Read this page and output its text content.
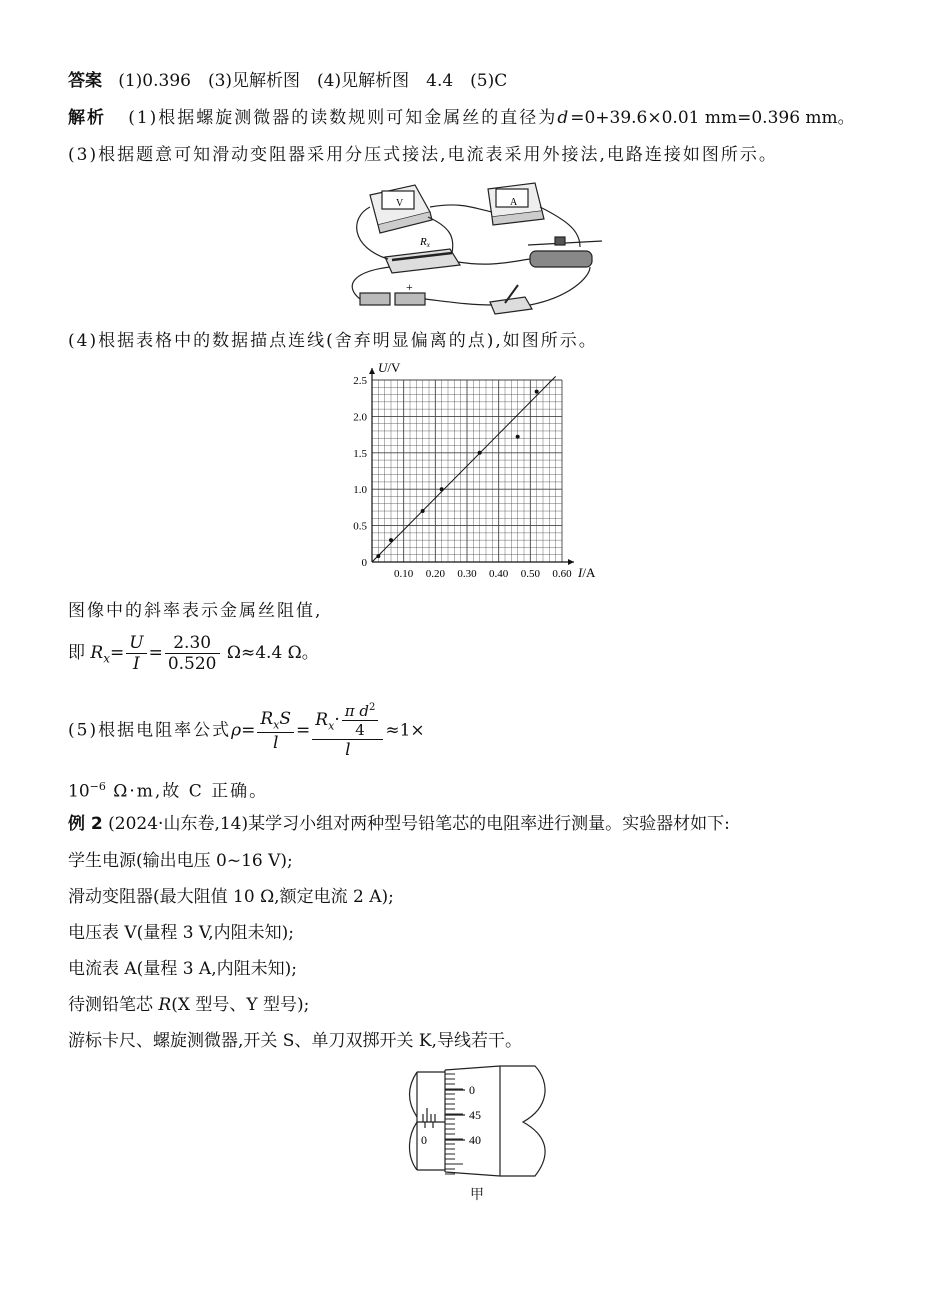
答案 (1)0.396　(3)见解析图　(4)见解析图　4.4　(5)C
解析 (1)根据螺旋测微器的读数规则可知金属丝的直径为d=0+39.6×0.01 mm=0.396 mm。
(3)根据题意可知滑动变阻器采用分压式接法,电流表采用外接法,电路连接如图所示。
V	A
Rx
+
(4)根据表格中的数据描点连线(舍弃明显偏离的点),如图所示。
0.10 0.20 0.30 0.40 0.50 0.60
0
0.5
1.0
1.5
2.0
2.5
U/V
I/A
图像中的斜率表示金属丝阻值,
即 $R_x= \frac{U}{I} = \frac{2.30}{0.520} \Omega\approx 4.4$ Ω。
(5)根据电阻率公式$\rho= \frac{R_xS}{l} = \frac{R_x\cdot \frac{\pi d^2}{4}}{l} \approx 1\times$
$10^{-6}$ Ω·m,故 C 正确。
例 2 (2024·山东卷,14)某学习小组对两种型号铅笔芯的电阻率进行测量。实验器材如下:
学生电源(输出电压 0~16 V);
滑动变阻器(最大阻值 10 Ω,额定电流 2 A);
电压表 V(量程 3 V,内阻未知);
电流表 A(量程 3 A,内阻未知);
待测铅笔芯 R(X 型号、Y 型号);
游标卡尺、螺旋测微器,开关 S、单刀双掷开关 K,导线若干。
0
45
40
0
甲
